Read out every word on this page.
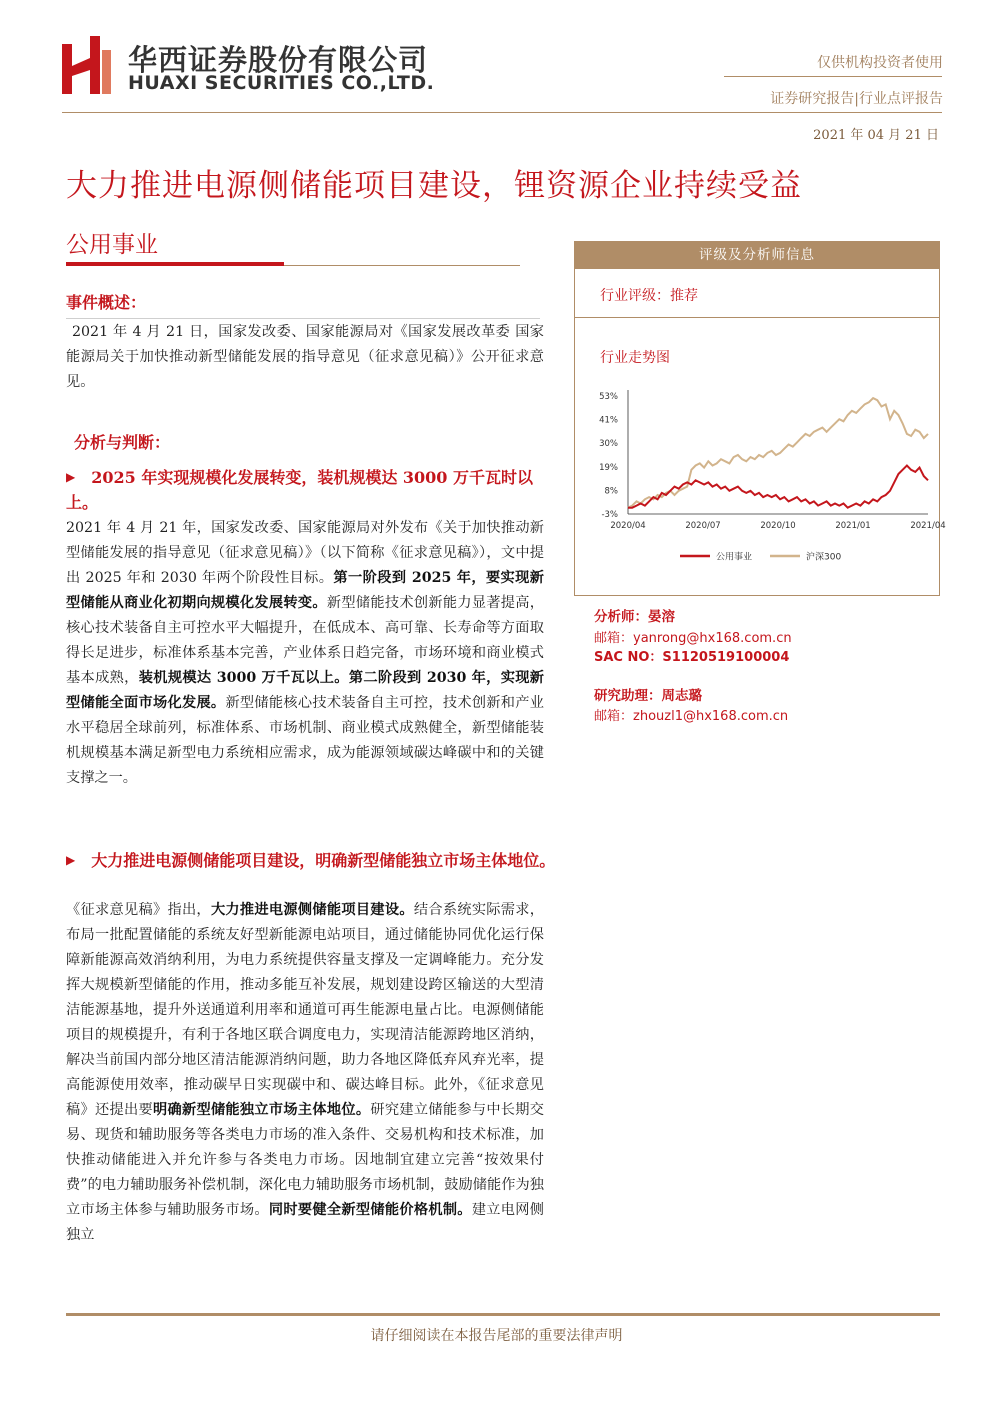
华西证券股份有限公司
HUAXI SECURITIES CO.,LTD.
仅供机构投资者使用
证券研究报告|行业点评报告
2021 年 04 月 21 日
大力推进电源侧储能项目建设，锂资源企业持续受益
公用事业
事件概述：
2021 年 4 月 21 日，国家发改委、国家能源局对《国家发展改革委 国家能源局关于加快推动新型储能发展的指导意见（征求意见稿）》公开征求意见。
分析与判断：
▶ 2025 年实现规模化发展转变，装机规模达 3000 万千瓦时以上。
2021 年 4 月 21 年，国家发改委、国家能源局对外发布《关于加快推动新型储能发展的指导意见（征求意见稿）》（以下简称《征求意见稿》），文中提出 2025 年和 2030 年两个阶段性目标。第一阶段到 2025 年，要实现新型储能从商业化初期向规模化发展转变。新型储能技术创新能力显著提高，核心技术装备自主可控水平大幅提升，在低成本、高可靠、长寿命等方面取得长足进步，标准体系基本完善，产业体系日趋完备，市场环境和商业模式基本成熟，装机规模达 3000 万千瓦以上。第二阶段到 2030 年，实现新型储能全面市场化发展。新型储能核心技术装备自主可控，技术创新和产业水平稳居全球前列，标准体系、市场机制、商业模式成熟健全，新型储能装机规模基本满足新型电力系统相应需求，成为能源领域碳达峰碳中和的关键支撑之一。
▶ 大力推进电源侧储能项目建设，明确新型储能独立市场主体地位。
《征求意见稿》指出，大力推进电源侧储能项目建设。结合系统实际需求，布局一批配置储能的系统友好型新能源电站项目，通过储能协同优化运行保障新能源高效消纳利用，为电力系统提供容量支撑及一定调峰能力。充分发挥大规模新型储能的作用，推动多能互补发展，规划建设跨区输送的大型清洁能源基地，提升外送通道利用率和通道可再生能源电量占比。电源侧储能项目的规模提升，有利于各地区联合调度电力，实现清洁能源跨地区消纳，解决当前国内部分地区清洁能源消纳问题，助力各地区降低弃风弃光率，提高能源使用效率，推动碳早日实现碳中和、碳达峰目标。此外，《征求意见稿》还提出要明确新型储能独立市场主体地位。研究建立储能参与中长期交易、现货和辅助服务等各类电力市场的准入条件、交易机构和技术标准，加快推动储能进入并允许参与各类电力市场。因地制宜建立完善“按效果付费”的电力辅助服务补偿机制，深化电力辅助服务市场机制，鼓励储能作为独立市场主体参与辅助服务市场。同时要健全新型储能价格机制。建立电网侧独立
评级及分析师信息
行业评级：推荐
行业走势图
53%
41%
30%
19%
8%
-3%
2020/04	2020/07	2020/10	2021/01	2021/04
公用事业	沪深300
分析师：晏溶
邮箱：yanrong@hx168.com.cn
SAC NO：S1120519100004
研究助理：周志璐
邮箱：zhouzl1@hx168.com.cn
请仔细阅读在本报告尾部的重要法律声明
